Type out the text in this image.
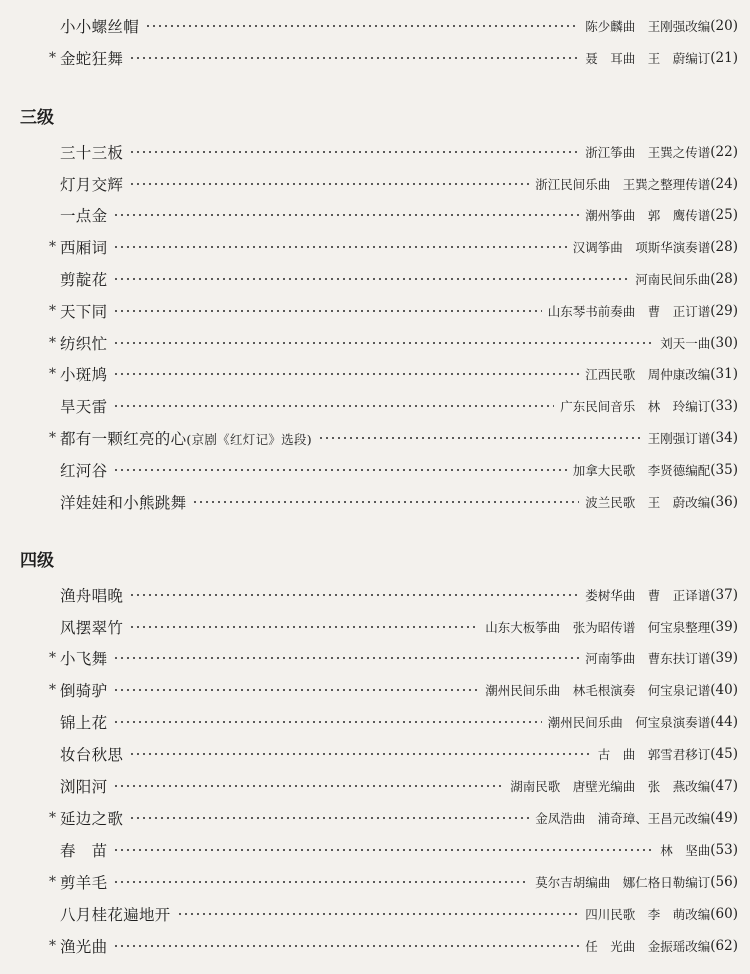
小小螺丝帽	陈少麟曲　王刚强改编 (20)
* 金蛇狂舞	聂　耳曲　王　蔚编订 (21)
三级
三十三板	浙江筝曲　王巽之传谱 (22)
灯月交辉	浙江民间乐曲　王巽之整理传谱 (24)
一点金	潮州筝曲　郭　鹰传谱 (25)
* 西厢词	汉调筝曲　项斯华演奏谱 (28)
剪靛花	河南民间乐曲 (28)
* 天下同	山东琴书前奏曲　曹　正订谱 (29)
* 纺织忙	刘天一曲 (30)
* 小斑鸠	江西民歌　周仲康改编 (31)
旱天雷	广东民间音乐　林　玲编订 (33)
* 都有一颗红亮的心(京剧《红灯记》选段)	王刚强订谱 (34)
红河谷	加拿大民歌　李贤德编配 (35)
洋娃娃和小熊跳舞	波兰民歌　王　蔚改编 (36)
四级
渔舟唱晚	娄树华曲　曹　正译谱 (37)
风摆翠竹	山东大板筝曲　张为昭传谱　何宝泉整理 (39)
* 小飞舞	河南筝曲　曹东扶订谱 (39)
* 倒骑驴	潮州民间乐曲　林毛根演奏　何宝泉记谱 (40)
锦上花	潮州民间乐曲　何宝泉演奏谱 (44)
妆台秋思	古　曲　郭雪君移订 (45)
浏阳河	湖南民歌　唐壁光编曲　张　燕改编 (47)
* 延边之歌	金凤浩曲　浦奇璋、王昌元改编 (49)
春　苗	林　坚曲 (53)
* 剪羊毛	莫尔吉胡编曲　娜仁格日勒编订 (56)
八月桂花遍地开	四川民歌　李　萌改编 (60)
* 渔光曲	任　光曲　金振瑶改编 (62)
